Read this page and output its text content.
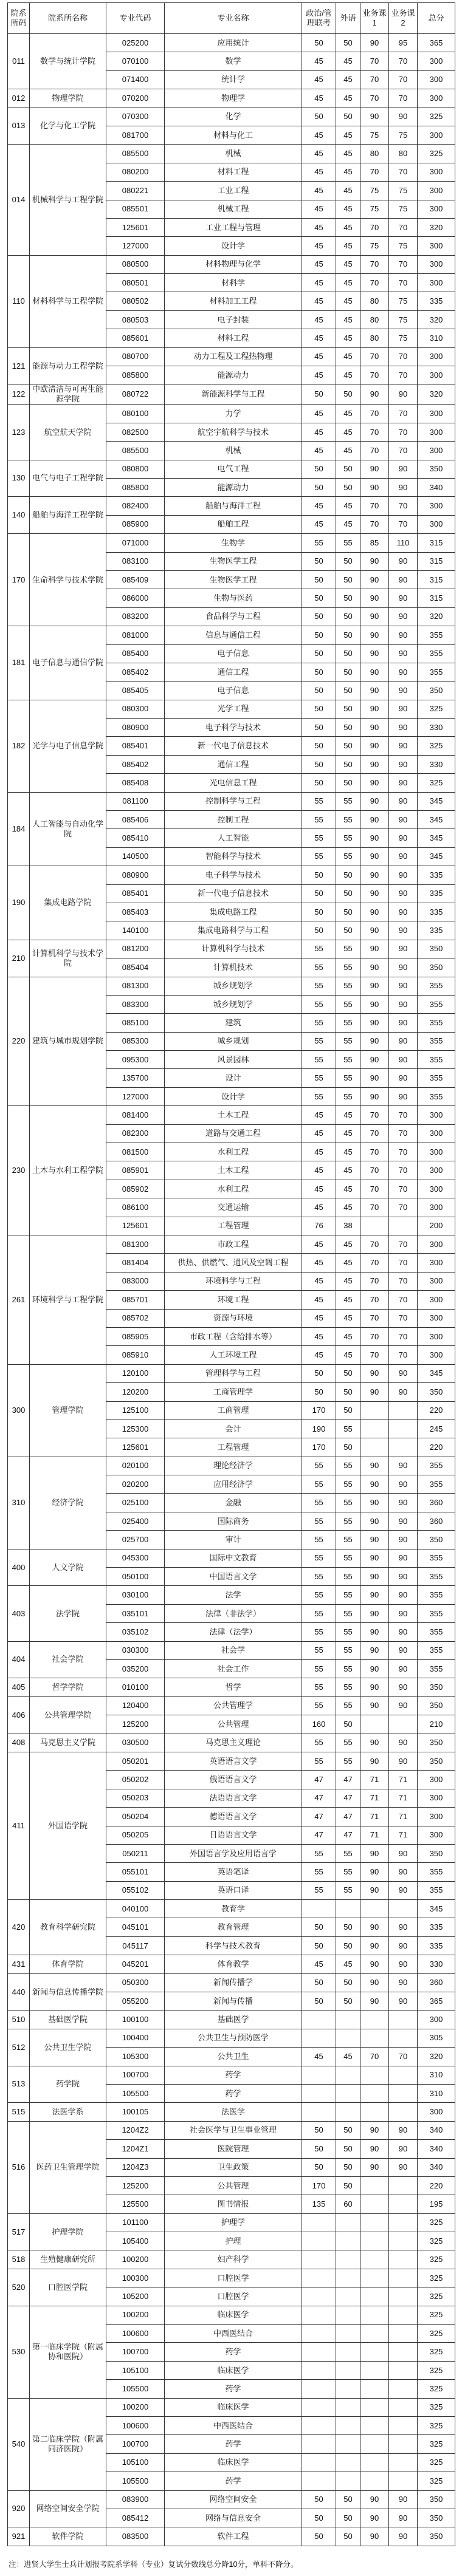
院系所码	院系所名称	专业代码	专业名称	政治/管理联考	外语	业务课1	业务课2	总分
011	数学与统计学院	025200	应用统计	50	50	90	95	365
		070100	数学	45	45	70	70	300
		071400	统计学	45	45	70	70	300
012	物理学院	070200	物理学	45	45	70	70	300
013	化学与化工学院	070300	化学	50	50	90	90	325
		081700	材料与化工	45	45	75	75	300
014	机械科学与工程学院	085500	机械	45	45	80	80	325
		080200	材料工程	45	45	70	70	300
		080221	工业工程	45	45	75	75	300
		085501	机械工程	45	45	75	75	300
		125601	工业工程与管理	45	45	70	70	320
		127000	设计学	45	45	75	75	300
110	材料科学与工程学院	080500	材料物理与化学	45	45	70	70	300
		080501	材料学	45	45	70	70	300
		080502	材料加工工程	45	45	80	75	335
		080503	电子封装	45	45	80	75	320
		085601	材料工程	45	45	80	75	310
121	能源与动力工程学院	080700	动力工程及工程热物理	45	45	70	70	300
		085800	能源动力	45	45	70	70	300
122	中欧清洁与可再生能源学院	080722	新能源科学与工程	50	50	90	90	320
123	航空航天学院	080100	力学	45	45	70	70	300
		082500	航空宇航科学与技术	45	45	70	70	300
		085500	机械	45	45	70	70	300
130	电气与电子工程学院	080800	电气工程	50	50	90	90	350
		085800	能源动力	50	50	90	90	340
140	船舶与海洋工程学院	082400	船舶与海洋工程	45	45	70	70	300
		085900	船舶工程	45	45	70	70	300
170	生命科学与技术学院	071000	生物学	55	55	85	110	315
		083100	生物医学工程	50	50	90	90	315
		085409	生物医学工程	50	50	90	90	315
		086000	生物与医药	50	50	90	90	315
		083200	食品科学与工程	50	50	90	90	320
181	电子信息与通信学院	081000	信息与通信工程	50	50	90	90	355
		085400	电子信息	50	50	90	90	355
		085402	通信工程	50	50	90	90	355
		085405	电子信息	50	50	90	90	350
182	光学与电子信息学院	080300	光学工程	50	50	90	90	325
		080900	电子科学与技术	50	50	90	90	330
		085401	新一代电子信息技术	50	50	90	90	325
		085402	通信工程	50	50	90	90	330
		085408	光电信息工程	50	50	90	90	325
184	人工智能与自动化学院	081100	控制科学与工程	55	55	90	90	345
		085406	控制工程	55	55	90	90	345
		085410	人工智能	55	55	90	90	345
		140500	智能科学与技术	55	55	90	90	345
190	集成电路学院	080900	电子科学与技术	50	50	90	90	335
		085401	新一代电子信息技术	50	50	90	90	335
		085403	集成电路工程	50	50	90	90	335
		140100	集成电路科学与工程	50	50	90	90	335
210	计算机科学与技术学院	081200	计算机科学与技术	55	55	90	90	350
		085404	计算机技术	55	55	90	90	350
220	建筑与城市规划学院	081300	城乡规划学	55	55	90	90	355
		083300	城乡规划学	55	55	90	90	355
		085100	建筑	55	55	90	90	355
		085300	城乡规划	55	55	90	90	355
		095300	风景园林	55	55	90	90	355
		135700	设计	55	55	90	90	355
		127000	设计学	55	55	90	90	355
230	土木与水利工程学院	081400	土木工程	45	45	70	70	300
		082300	道路与交通工程	45	45	70	70	300
		081500	水利工程	45	45	70	70	300
		085901	土木工程	45	45	70	70	300
		085902	水利工程	45	45	70	70	300
		086100	交通运输	45	45	70	70	300
		125601	工程管理	76	38			200
261	环境科学与工程学院	081300	市政工程	45	45	70	70	300
		081404	供热、供燃气、通风及空调工程	45	45	70	70	300
		083000	环境科学与工程	45	45	70	70	300
		085701	环境工程	45	45	70	70	300
		085702	资源与环境	45	45	70	70	300
		085905	市政工程（含给排水等）	45	45	70	70	300
		085910	人工环境工程	45	45	70	70	300
300	管理学院	120100	管理科学与工程	50	50	90	90	345
		120200	工商管理学	50	50	90	90	350
		125100	工商管理	170	50			220
		125300	会计	190	55			245
		125601	工程管理	170	50			220
310	经济学院	020100	理论经济学	55	55	90	90	355
		020200	应用经济学	55	55	90	90	355
		025100	金融	55	55	90	90	360
		025400	国际商务	55	55	90	90	360
		025700	审计	55	55	90	90	350
400	人文学院	045300	国际中文教育	55	55	90	90	355
		050100	中国语言文学	55	55	90	90	355
403	法学院	030100	法学	55	55	90	90	355
		035101	法律（非法学）	55	55	90	90	355
		035102	法律（法学）	55	55	90	90	355
404	社会学院	030300	社会学	55	55	90	90	355
		035200	社会工作	55	55	90	90	355
405	哲学学院	010100	哲学	55	55	90	90	350
406	公共管理学院	120400	公共管理学	55	55	90	90	350
		125200	公共管理	160	50			210
408	马克思主义学院	030500	马克思主义理论	55	55	90	90	350
411	外国语学院	050201	英语语言文学	55	55	90	90	350
		050202	俄语语言文学	47	47	71	71	300
		050203	法语语言文学	47	47	71	71	300
		050204	德语语言文学	47	47	71	71	300
		050205	日语语言文学	47	47	71	71	300
		050211	外国语言学及应用语言学	55	55	90	90	350
		055101	英语笔译	55	55	90	90	355
		055102	英语口译	55	55	90	90	355
420	教育科学研究院	040100	教育学					345
		045101	教育管理	50	50	90	90	335
		045117	科学与技术教育	50	50	90	90	335
431	体育学院	045201	体育教学	45	45	90	90	330
440	新闻与信息传播学院	050300	新闻传播学	50	50	90	90	360
		055200	新闻与传播	50	50	90	90	365
510	基础医学院	100100	基础医学					300
512	公共卫生学院	100400	公共卫生与预防医学					305
		105300	公共卫生	45	45	70	70	320
513	药学院	100700	药学					310
		105500	药学					310
515	法医学系	100105	法医学					300
516	医药卫生管理学院	1204Z2	社会医学与卫生事业管理	50	50	90	90	340
		1204Z1	医院管理	50	50	90	90	340
		1204Z3	卫生政策	50	50	90	90	340
		125200	公共管理	170	50			220
		125500	图书情报	135	60			195
517	护理学院	101100	护理学					325
		105400	护理					325
518	生殖健康研究所	100200	妇产科学					325
520	口腔医学院	100300	口腔医学					325
		105200	口腔医学					325
530	第一临床学院（附属协和医院）	100200	临床医学					325
		100600	中西医结合					325
		100700	药学					325
		105100	临床医学					325
		105500	药学					325
540	第二临床学院（附属同济医院）	100200	临床医学					325
		100600	中西医结合					325
		100700	药学					325
		105100	临床医学					325
		105500	药学					325
920	网络空间安全学院	083900	网络空间安全	50	50	90	90	350
		085412	网络与信息安全	50	50	90	90	350
921	软件学院	083500	软件工程	50	50	90	90	350
注：进贤大学生士兵计划报考院系学科（专业）复试分数线总分降10分，单科不降分。
